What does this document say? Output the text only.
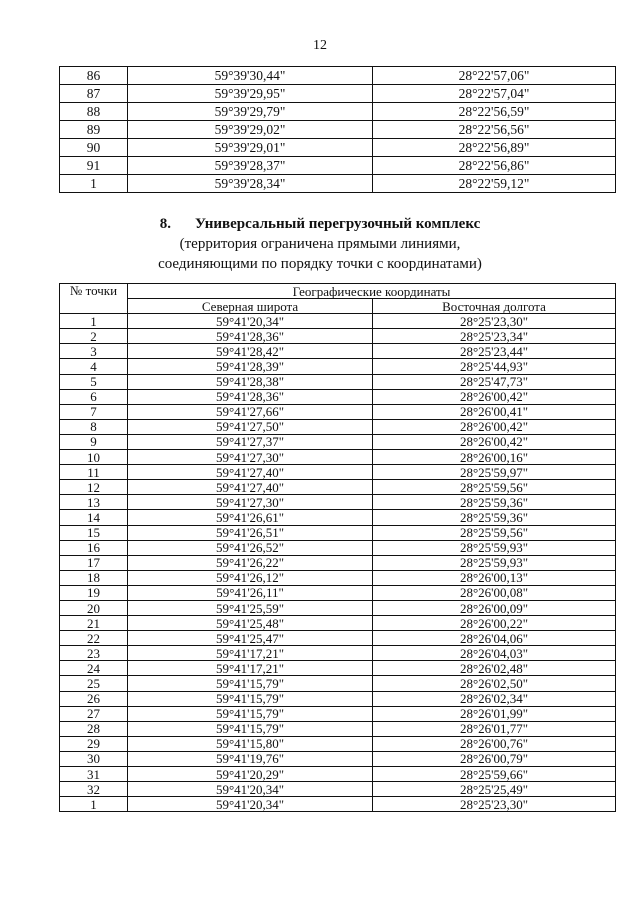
12
86	59°39'30,44"	28°22'57,06"
87	59°39'29,95"	28°22'57,04"
88	59°39'29,79"	28°22'56,59"
89	59°39'29,02"	28°22'56,56"
90	59°39'29,01"	28°22'56,89"
91	59°39'28,37"	28°22'56,86"
1	59°39'28,34"	28°22'59,12"
8. Универсальный перегрузочный комплекс
(территория ограничена прямыми линиями,
соединяющими по порядку точки с координатами)
№ точки	Географические координаты	
	Северная широта	Восточная долгота
1	59°41'20,34"	28°25'23,30"
2	59°41'28,36"	28°25'23,34"
3	59°41'28,42"	28°25'23,44"
4	59°41'28,39"	28°25'44,93"
5	59°41'28,38"	28°25'47,73"
6	59°41'28,36"	28°26'00,42"
7	59°41'27,66"	28°26'00,41"
8	59°41'27,50"	28°26'00,42"
9	59°41'27,37"	28°26'00,42"
10	59°41'27,30"	28°26'00,16"
11	59°41'27,40"	28°25'59,97"
12	59°41'27,40"	28°25'59,56"
13	59°41'27,30"	28°25'59,36"
14	59°41'26,61"	28°25'59,36"
15	59°41'26,51"	28°25'59,56"
16	59°41'26,52"	28°25'59,93"
17	59°41'26,22"	28°25'59,93"
18	59°41'26,12"	28°26'00,13"
19	59°41'26,11"	28°26'00,08"
20	59°41'25,59"	28°26'00,09"
21	59°41'25,48"	28°26'00,22"
22	59°41'25,47"	28°26'04,06"
23	59°41'17,21"	28°26'04,03"
24	59°41'17,21"	28°26'02,48"
25	59°41'15,79"	28°26'02,50"
26	59°41'15,79"	28°26'02,34"
27	59°41'15,79"	28°26'01,99"
28	59°41'15,79"	28°26'01,77"
29	59°41'15,80"	28°26'00,76"
30	59°41'19,76"	28°26'00,79"
31	59°41'20,29"	28°25'59,66"
32	59°41'20,34"	28°25'25,49"
1	59°41'20,34"	28°25'23,30"
